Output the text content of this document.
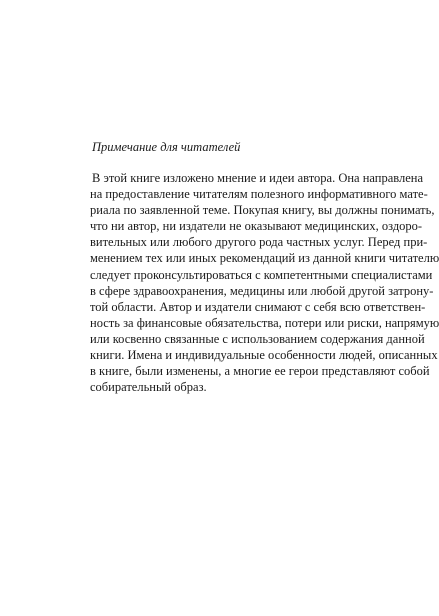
Примечание для читателей

В этой книге изложено мнение и идеи автора. Она направлена
на предоставление читателям полезного информативного мате-
риала по заявленной теме. Покупая книгу, вы должны понимать,
что ни автор, ни издатели не оказывают медицинских, оздоро-
вительных или любого другого рода частных услуг. Перед при-
менением тех или иных рекомендаций из данной книги читателю
следует проконсультироваться с компетентными специалистами
в сфере здравоохранения, медицины или любой другой затрону-
той области. Автор и издатели снимают с себя всю ответствен-
ность за финансовые обязательства, потери или риски, напрямую
или косвенно связанные с использованием содержания данной
книги. Имена и индивидуальные особенности людей, описанных
в книге, были изменены, а многие ее герои представляют собой
собирательный образ.
